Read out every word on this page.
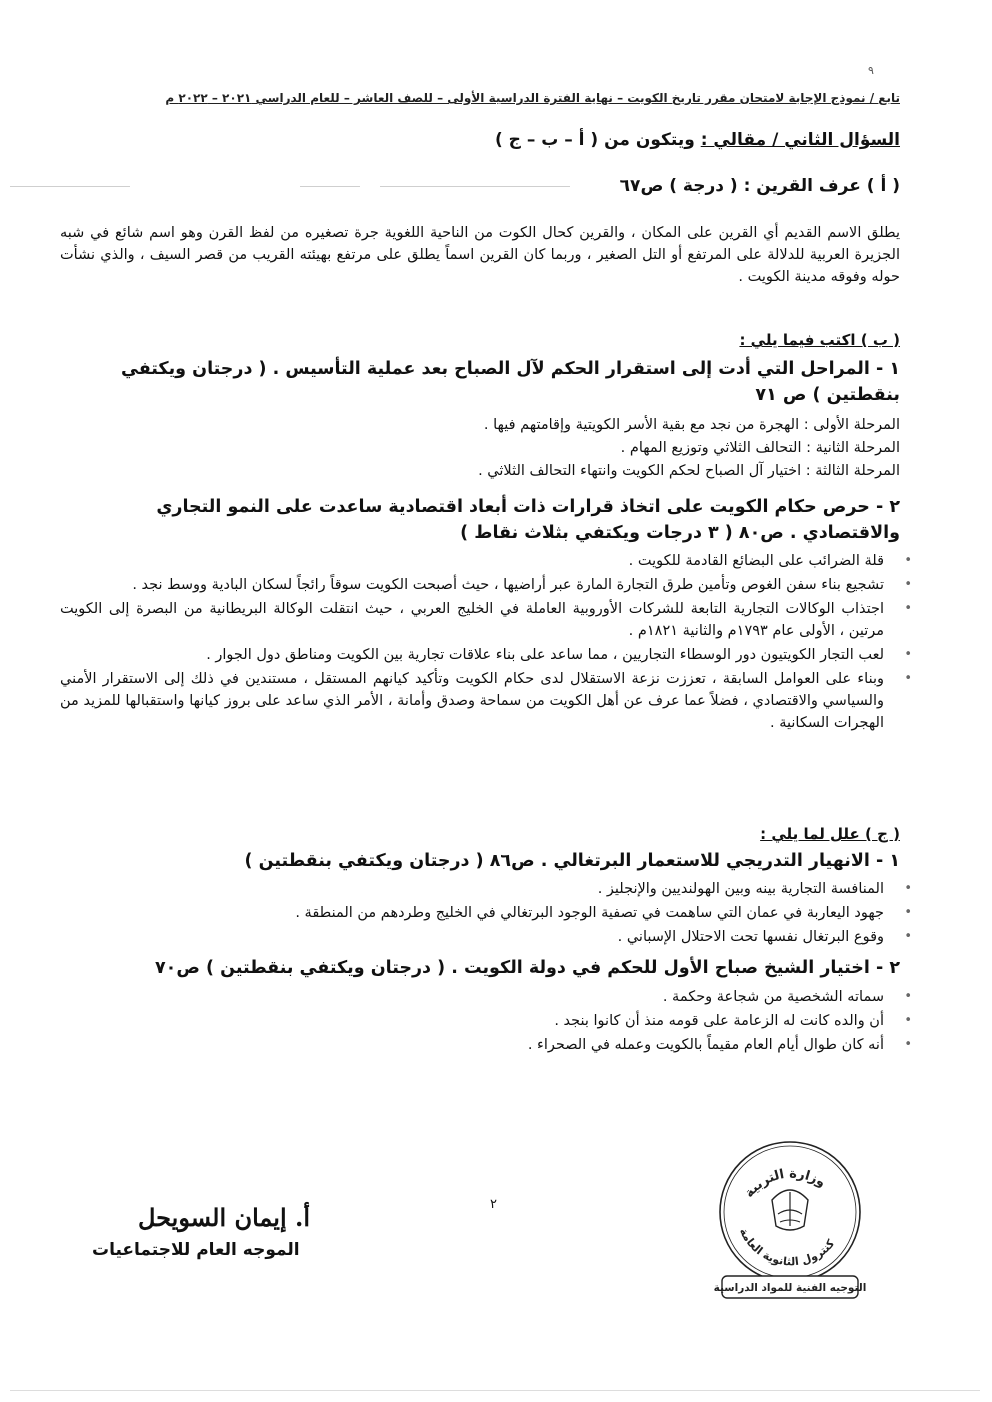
٩
تابع / نموذج الإجابة لامتحان مقرر تاريخ الكويت – نهاية الفترة الدراسية الأولى – للصف العاشر – للعام الدراسي ٢٠٢١ – ٢٠٢٢ م
السؤال الثاني / مقالي : ويتكون من ( أ – ب – ج )
( أ ) عرف القرين : ( درجة ) ص٦٧
يطلق الاسم القديم أي القرين على المكان ، والقرين كحال الكوت من الناحية اللغوية جرة تصغيره من لفظ القرن وهو اسم شائع في شبه الجزيرة العربية للدلالة على المرتفع أو التل الصغير ، وربما كان القرين اسماً يطلق على مرتفع بهيئته القريب من قصر السيف ، والذي نشأت حوله وفوقه مدينة الكويت .
( ب ) اكتب فيما يلي :
١ - المراحل التي أدت إلى استقرار الحكم لآل الصباح بعد عملية التأسيس . ( درجتان ويكتفي بنقطتين ) ص ٧١
المرحلة الأولى : الهجرة من نجد مع بقية الأسر الكويتية وإقامتهم فيها .
المرحلة الثانية : التحالف الثلاثي وتوزيع المهام .
المرحلة الثالثة : اختيار آل الصباح لحكم الكويت وانتهاء التحالف الثلاثي .
٢ - حرص حكام الكويت على اتخاذ قرارات ذات أبعاد اقتصادية ساعدت على النمو التجاري والاقتصادي . ص٨٠ ( ٣ درجات ويكتفي بثلاث نقاط )
• قلة الضرائب على البضائع القادمة للكويت .
• تشجيع بناء سفن الغوص وتأمين طرق التجارة المارة عبر أراضيها ، حيث أصبحت الكويت سوقاً رائجاً لسكان البادية ووسط نجد .
• اجتذاب الوكالات التجارية التابعة للشركات الأوروبية العاملة في الخليج العربي ، حيث انتقلت الوكالة البريطانية من البصرة إلى الكويت مرتين ، الأولى عام ١٧٩٣م والثانية ١٨٢١م .
• لعب التجار الكويتيون دور الوسطاء التجاريين ، مما ساعد على بناء علاقات تجارية بين الكويت ومناطق دول الجوار .
• وبناء على العوامل السابقة ، تعززت نزعة الاستقلال لدى حكام الكويت وتأكيد كيانهم المستقل ، مستندين في ذلك إلى الاستقرار الأمني والسياسي والاقتصادي ، فضلاً عما عرف عن أهل الكويت من سماحة وصدق وأمانة ، الأمر الذي ساعد على بروز كيانها واستقبالها للمزيد من الهجرات السكانية .
( ج ) علل لما يلي :
١ - الانهيار التدريجي للاستعمار البرتغالي . ص٨٦ ( درجتان ويكتفي بنقطتين )
• المنافسة التجارية بينه وبين الهولنديين والإنجليز .
• جهود اليعاربة في عمان التي ساهمت في تصفية الوجود البرتغالي في الخليج وطردهم من المنطقة .
• وقوع البرتغال نفسها تحت الاحتلال الإسباني .
٢ - اختيار الشيخ صباح الأول للحكم في دولة الكويت . ( درجتان ويكتفي بنقطتين ) ص٧٠
• سماته الشخصية من شجاعة وحكمة .
• أن والده كانت له الزعامة على قومه منذ أن كانوا بنجد .
• أنه كان طوال أيام العام مقيماً بالكويت وعمله في الصحراء .
٢
أ. إيمان السويحل
الموجه العام للاجتماعيات
وزارة التربية
كنترول الثانوية العامة
التوجيه الفنية للمواد الدراسية
